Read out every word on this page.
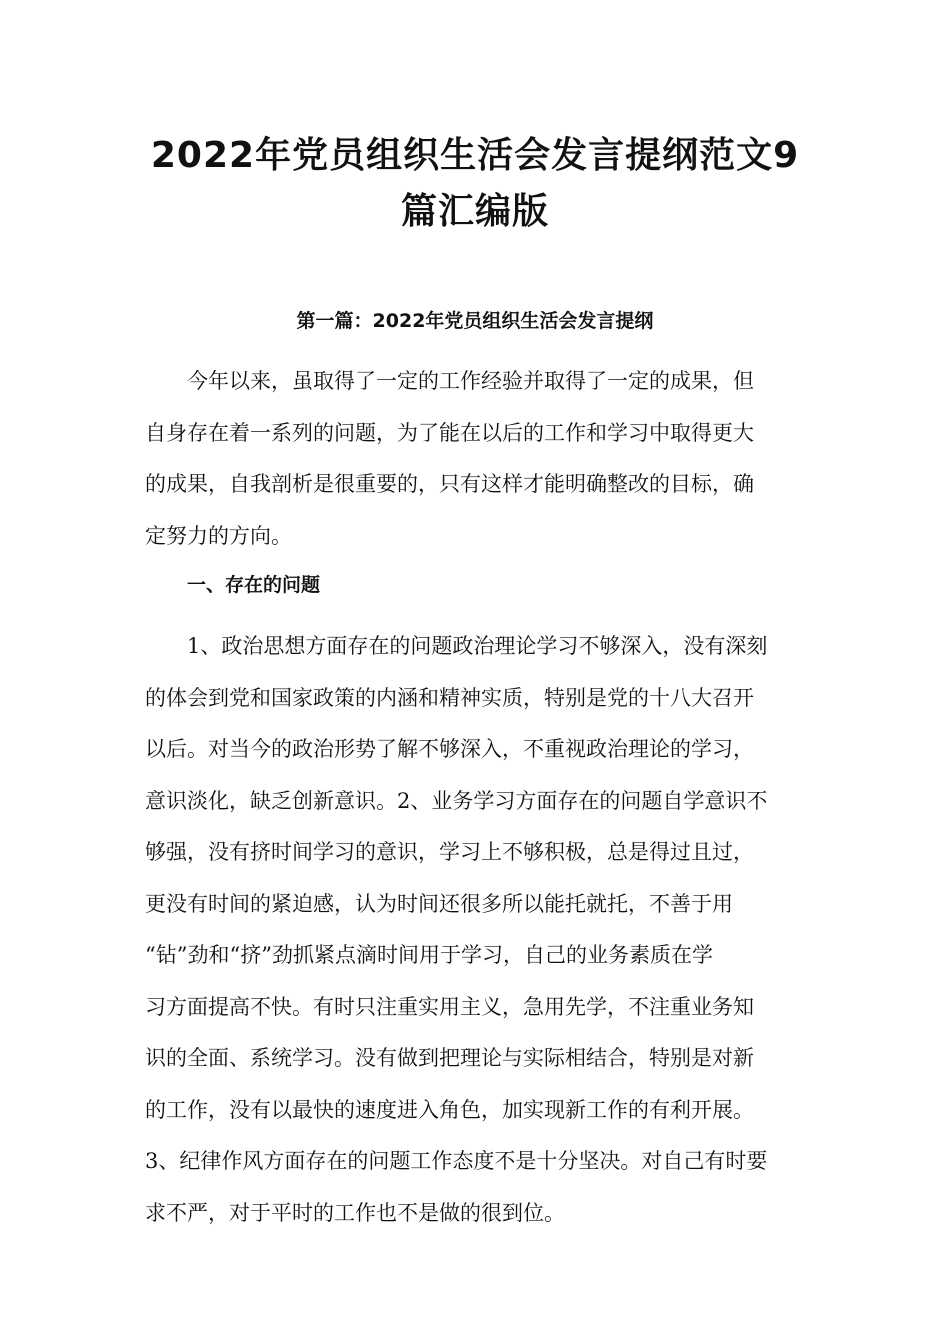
2022年党员组织生活会发言提纲范文9
篇汇编版
第一篇：2022年党员组织生活会发言提纲
今年以来，虽取得了一定的工作经验并取得了一定的成果，但
自身存在着一系列的问题，为了能在以后的工作和学习中取得更大
的成果，自我剖析是很重要的，只有这样才能明确整改的目标，确
定努力的方向。
一、存在的问题
1、政治思想方面存在的问题政治理论学习不够深入，没有深刻
的体会到党和国家政策的内涵和精神实质，特别是党的十八大召开
以后。对当今的政治形势了解不够深入，不重视政治理论的学习，
意识淡化，缺乏创新意识。2、业务学习方面存在的问题自学意识不
够强，没有挤时间学习的意识，学习上不够积极，总是得过且过，
更没有时间的紧迫感，认为时间还很多所以能托就托，不善于用
“钻”劲和“挤”劲抓紧点滴时间用于学习，自己的业务素质在学
习方面提高不快。有时只注重实用主义，急用先学，不注重业务知
识的全面、系统学习。没有做到把理论与实际相结合，特别是对新
的工作，没有以最快的速度进入角色，加实现新工作的有利开展。
3、纪律作风方面存在的问题工作态度不是十分坚决。对自己有时要
求不严，对于平时的工作也不是做的很到位。
